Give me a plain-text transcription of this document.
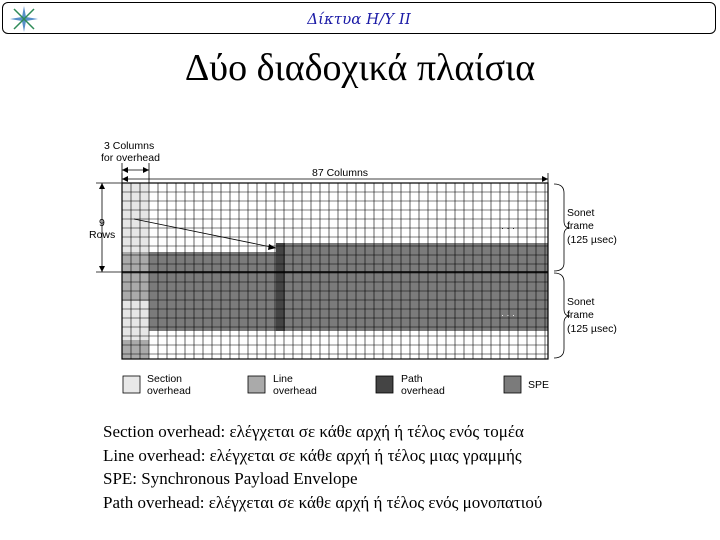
Δίκτυα Η/Υ ΙΙ
Δύο διαδοχικά πλαίσια
3 Columns
for overhead
87 Columns
9
Rows
· · ·
· · ·
Sonet
frame
(125 µsec)
Sonet
frame
(125 µsec)
Section
overhead
Line
overhead
Path
overhead	SPE
Section overhead: ελέγχεται σε κάθε αρχή ή τέλος ενός τομέα
Line overhead: ελέγχεται σε κάθε αρχή ή τέλος μιας γραμμής
SPE: Synchronous Payload Envelope
Path overhead: ελέγχεται σε κάθε αρχή ή τέλος ενός μονοπατιού
